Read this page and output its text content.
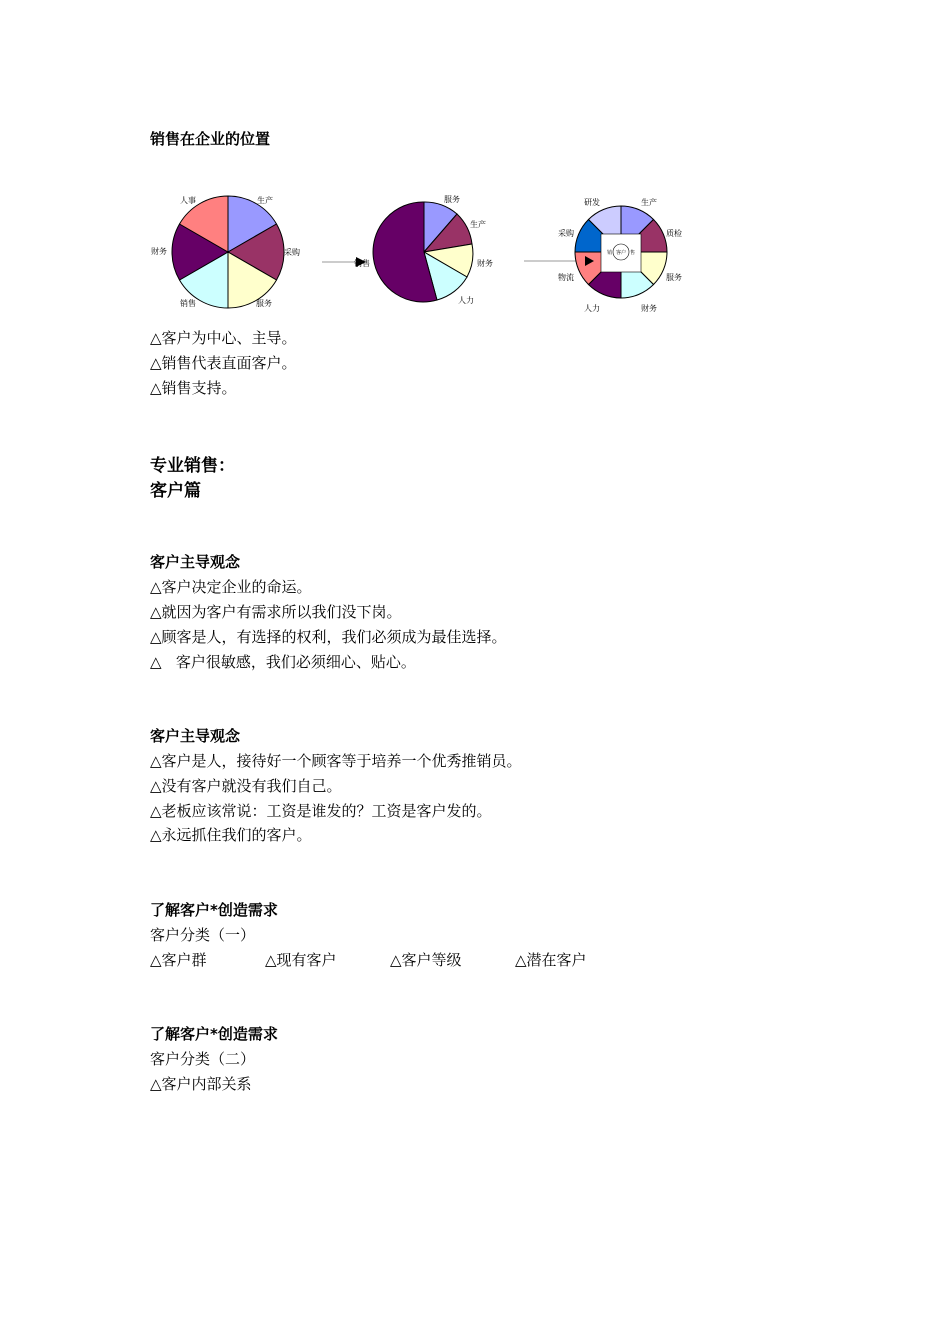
销售在企业的位置
人事	生产
采购
服务
销售
财务
服务
生产
财务
人力
销售
销 客户 售
研发	生产
质检
服务
财务
人力
物流
采购
△客户为中心、主导。
△销售代表直面客户。
△销售支持。
专业销售：
客户篇
客户主导观念
△客户决定企业的命运。
△就因为客户有需求所以我们没下岗。
△顾客是人，有选择的权利，我们必须成为最佳选择。
△   客户很敏感，我们必须细心、贴心。
客户主导观念
△客户是人，接待好一个顾客等于培养一个优秀推销员。
△没有客户就没有我们自己。
△老板应该常说：工资是谁发的？工资是客户发的。
△永远抓住我们的客户。
了解客户*创造需求
客户分类（一）
△客户群	△现有客户	△客户等级	△潜在客户
了解客户*创造需求
客户分类（二）
△客户内部关系
